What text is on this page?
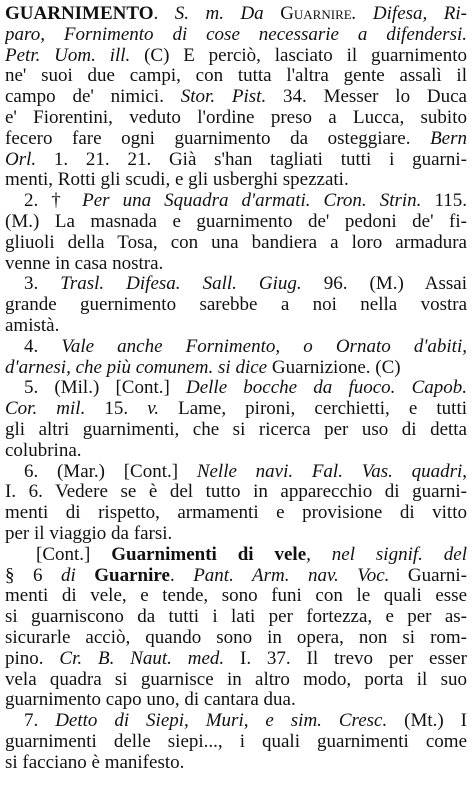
GUARNIMENTO. S. m. Da Guarnire. Difesa, Ri-
paro, Fornimento di cose necessarie a difendersi.
Petr. Uom. ill. (C) E perciò, lasciato il guarnimento
ne' suoi due campi, con tutta l'altra gente assalì il
campo de' nimici. Stor. Pist. 34. Messer lo Duca
e' Fiorentini, veduto l'ordine preso a Lucca, subito
fecero fare ogni guarnimento da osteggiare. Bern
Orl. 1. 21. 21. Già s'han tagliati tutti i guarni-
menti, Rotti gli scudi, e gli usberghi spezzati.
2. † Per una Squadra d'armati. Cron. Strin. 115.
(M.) La masnada e guarnimento de' pedoni de' fi-
gliuoli della Tosa, con una bandiera a loro armadura
venne in casa nostra.
3. Trasl. Difesa. Sall. Giug. 96. (M.) Assai
grande guernimento sarebbe a noi nella vostra
amistà.
4. Vale anche Fornimento, o Ornato d'abiti,
d'arnesi, che più comunem. si dice Guarnizione. (C)
5. (Mil.) [Cont.] Delle bocche da fuoco. Capob.
Cor. mil. 15. v. Lame, pironi, cerchietti, e tutti
gli altri guarnimenti, che si ricerca per uso di detta
colubrina.
6. (Mar.) [Cont.] Nelle navi. Fal. Vas. quadri,
I. 6. Vedere se è del tutto in apparecchio di guarni-
menti di rispetto, armamenti e provisione di vitto
per il viaggio da farsi.
[Cont.] Guarnimenti di vele, nel signif. del
§ 6 di Guarnire. Pant. Arm. nav. Voc. Guarni-
menti di vele, e tende, sono funi con le quali esse
si guarniscono da tutti i lati per fortezza, e per as-
sicurarle acciò, quando sono in opera, non si rom-
pino. Cr. B. Naut. med. I. 37. Il trevo per esser
vela quadra si guarnisce in altro modo, porta il suo
guarnimento capo uno, di cantara dua.
7. Detto di Siepi, Muri, e sim. Cresc. (Mt.) I
guarnimenti delle siepi..., i quali guarnimenti come
si facciano è manifesto.
